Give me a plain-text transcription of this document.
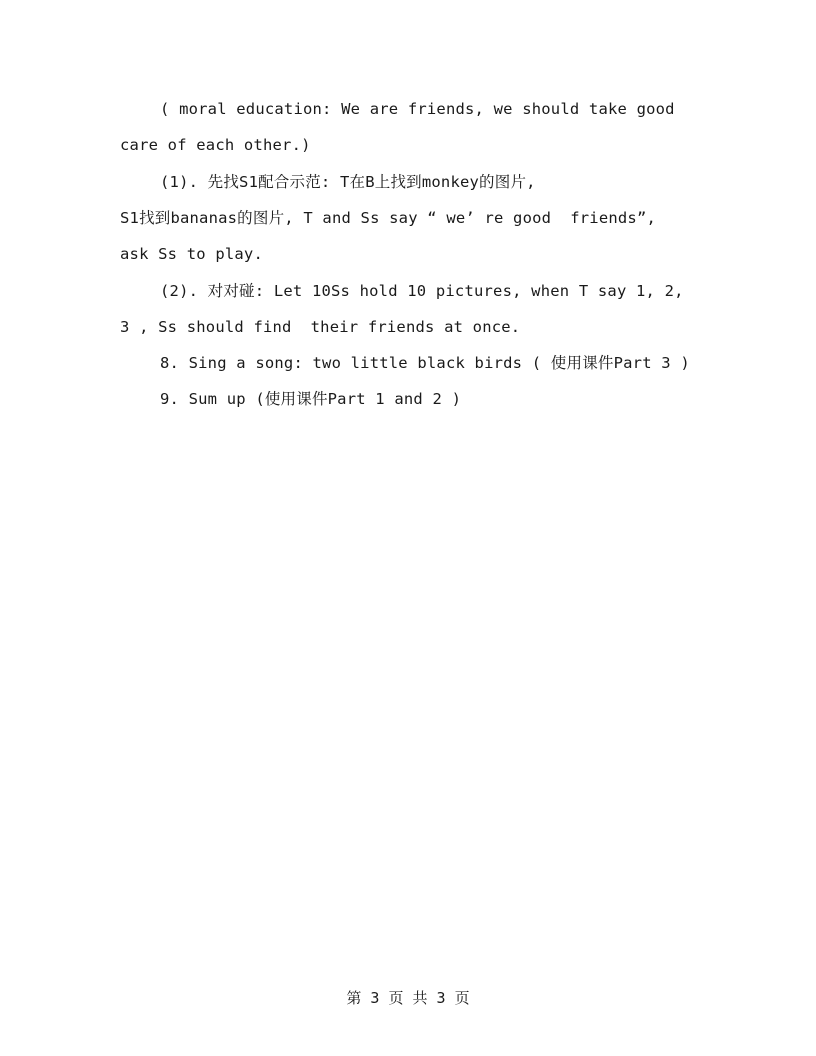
( moral education: We are friends, we should take good
care of each other.)
(1). 先找S1配合示范: T在B上找到monkey的图片,
S1找到bananas的图片, T and Ss say “ we’ re good  friends”,
ask Ss to play.
(2). 对对碰: Let 10Ss hold 10 pictures, when T say 1, 2,
3 , Ss should find  their friends at once.
8. Sing a song: two little black birds ( 使用课件Part 3 )
9. Sum up (使用课件Part 1 and 2 )
第 3 页 共 3 页
